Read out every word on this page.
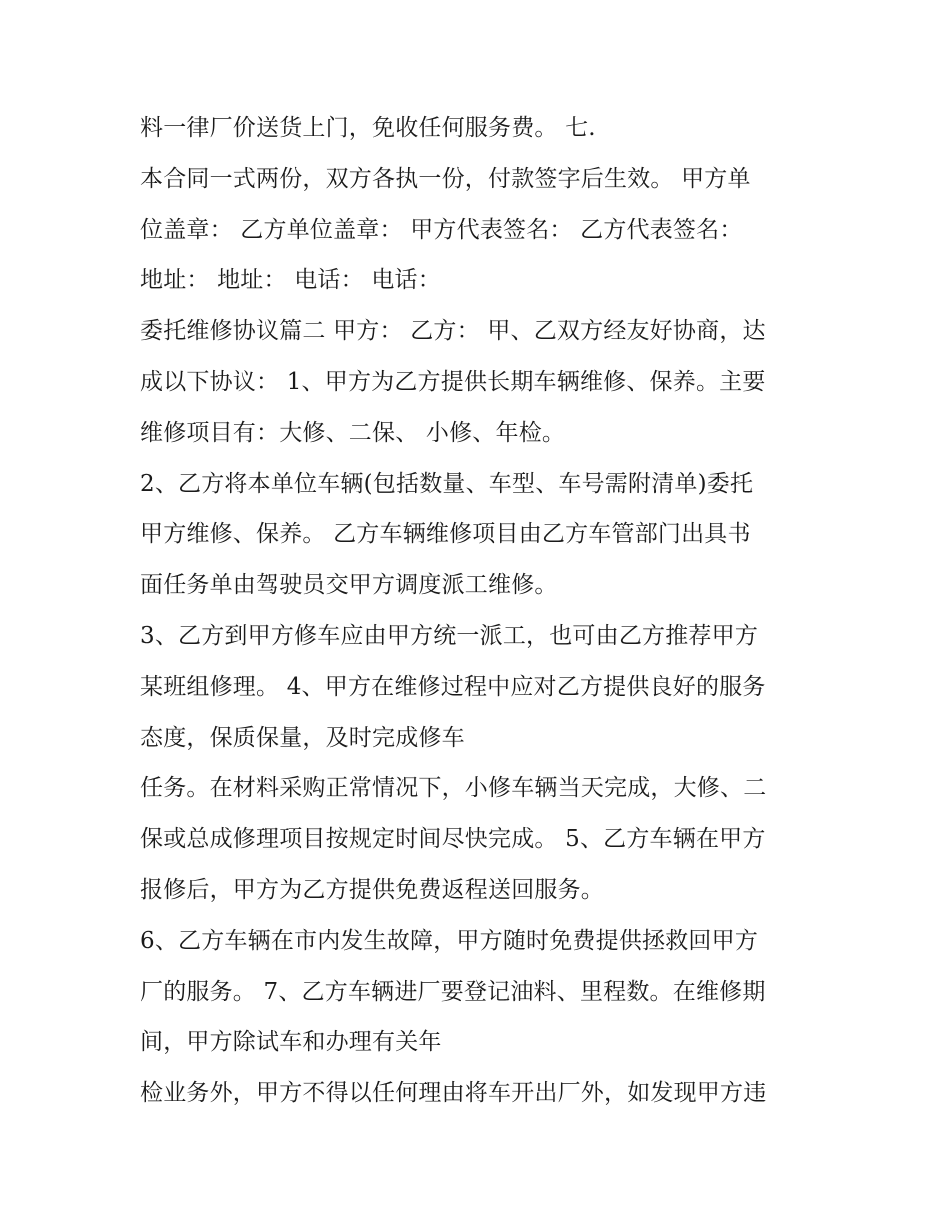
料一律厂价送货上门，免收任何服务费。 七.
本合同一式两份，双方各执一份，付款签字后生效。 甲方单
位盖章： 乙方单位盖章： 甲方代表签名： 乙方代表签名：
地址： 地址： 电话： 电话：
委托维修协议篇二 甲方： 乙方： 甲、乙双方经友好协商，达
成以下协议： 1、甲方为乙方提供长期车辆维修、保养。主要
维修项目有：大修、二保、 小修、年检。
2、乙方将本单位车辆(包括数量、车型、车号需附清单)委托
甲方维修、保养。 乙方车辆维修项目由乙方车管部门出具书
面任务单由驾驶员交甲方调度派工维修。
3、乙方到甲方修车应由甲方统一派工，也可由乙方推荐甲方
某班组修理。 4、甲方在维修过程中应对乙方提供良好的服务
态度，保质保量，及时完成修车
任务。在材料采购正常情况下，小修车辆当天完成，大修、二
保或总成修理项目按规定时间尽快完成。 5、乙方车辆在甲方
报修后，甲方为乙方提供免费返程送回服务。
6、乙方车辆在市内发生故障，甲方随时免费提供拯救回甲方
厂的服务。 7、乙方车辆进厂要登记油料、里程数。在维修期
间，甲方除试车和办理有关年
检业务外，甲方不得以任何理由将车开出厂外，如发现甲方违
